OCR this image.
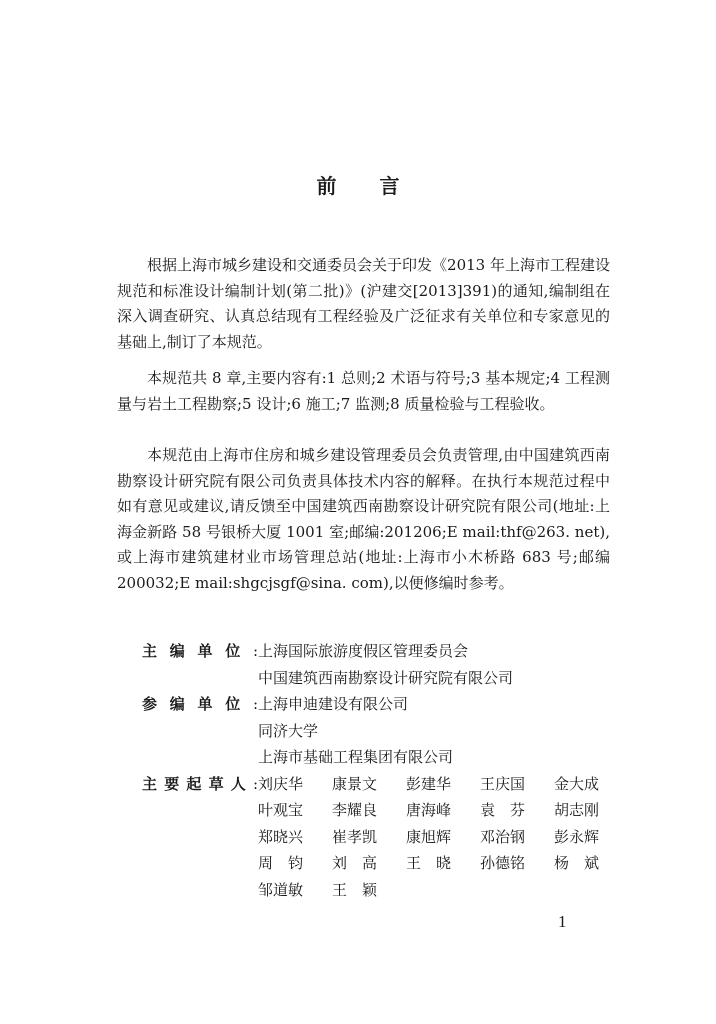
前 言

根据上海市城乡建设和交通委员会关于印发《2013 年上海市工程建设规范和标准设计编制计划(第二批)》(沪建交[2013]391)的通知,编制组在深入调查研究、认真总结现有工程经验及广泛征求有关单位和专家意见的基础上,制订了本规范。

本规范共 8 章,主要内容有:1 总则;2 术语与符号;3 基本规定;4 工程测量与岩土工程勘察;5 设计;6 施工;7 监测;8 质量检验与工程验收。

本规范由上海市住房和城乡建设管理委员会负责管理,由中国建筑西南勘察设计研究院有限公司负责具体技术内容的解释。在执行本规范过程中如有意见或建议,请反馈至中国建筑西南勘察设计研究院有限公司(地址:上海金新路 58 号银桥大厦 1001 室;邮编:201206;E mail:thf@263. net),或上海市建筑建材业市场管理总站(地址:上海市小木桥路 683 号;邮编 200032;E mail:shgcjsgf@sina. com),以便修编时参考。

主 编 单 位 : 上海国际旅游度假区管理委员会
中国建筑西南勘察设计研究院有限公司
参 编 单 位 : 上海申迪建设有限公司
同济大学
上海市基础工程集团有限公司
主 要 起 草 人 : 刘 庆 华 康 景 文 彭 建 华 王 庆 国 金 大 成
叶 观 宝 李 耀 良 唐 海 峰 袁 芬 胡 志 刚
郑 晓 兴 崔 孝 凯 康 旭 辉 邓 治 钢 彭 永 辉
周 钧 刘 高 王 晓 孙 德 铭 杨 斌
邹 道 敏 王 颖
1
